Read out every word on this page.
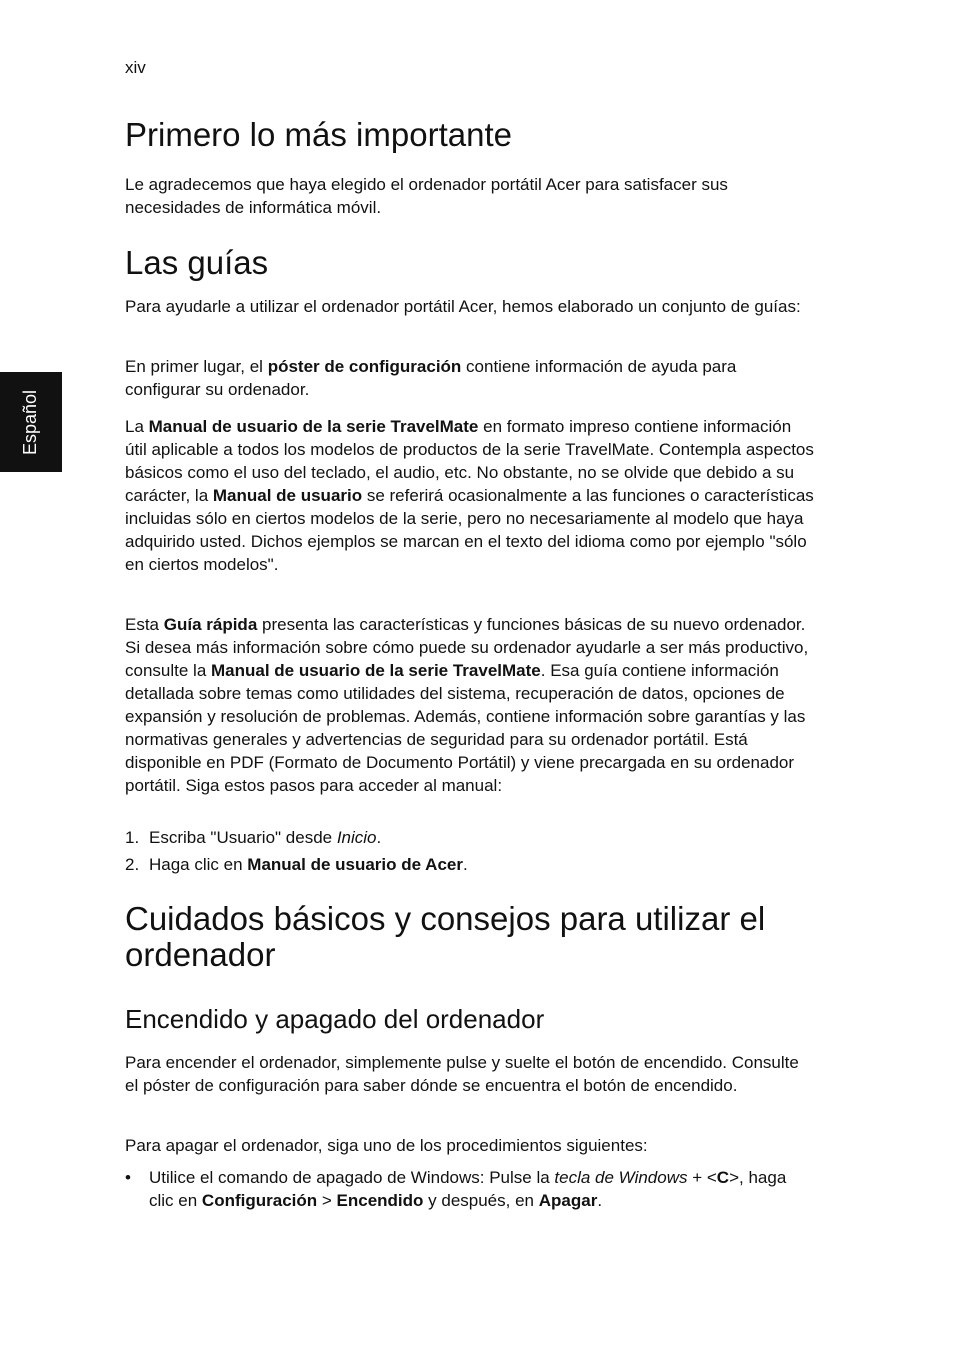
xiv
Español
Primero lo más importante

Le agradecemos que haya elegido el ordenador portátil Acer para satisfacer sus necesidades de informática móvil.

Las guías

Para ayudarle a utilizar el ordenador portátil Acer, hemos elaborado un conjunto de guías:

En primer lugar, el póster de configuración contiene información de ayuda para configurar su ordenador.

La Manual de usuario de la serie TravelMate en formato impreso contiene información útil aplicable a todos los modelos de productos de la serie TravelMate. Contempla aspectos básicos como el uso del teclado, el audio, etc. No obstante, no se olvide que debido a su carácter, la Manual de usuario se referirá ocasionalmente a las funciones o características incluidas sólo en ciertos modelos de la serie, pero no necesariamente al modelo que haya adquirido usted. Dichos ejemplos se marcan en el texto del idioma como por ejemplo "sólo en ciertos modelos".

Esta Guía rápida presenta las características y funciones básicas de su nuevo ordenador. Si desea más información sobre cómo puede su ordenador ayudarle a ser más productivo, consulte la Manual de usuario de la serie TravelMate. Esa guía contiene información detallada sobre temas como utilidades del sistema, recuperación de datos, opciones de expansión y resolución de problemas. Además, contiene información sobre garantías y las normativas generales y advertencias de seguridad para su ordenador portátil. Está disponible en PDF (Formato de Documento Portátil) y viene precargada en su ordenador portátil. Siga estos pasos para acceder al manual:

1. Escriba "Usuario" desde Inicio.
2. Haga clic en Manual de usuario de Acer.
Cuidados básicos y consejos para utilizar el ordenador
Encendido y apagado del ordenador

Para encender el ordenador, simplemente pulse y suelte el botón de encendido. Consulte el póster de configuración para saber dónde se encuentra el botón de encendido.

Para apagar el ordenador, siga uno de los procedimientos siguientes:

• Utilice el comando de apagado de Windows: Pulse la tecla de Windows + <C>, haga clic en Configuración > Encendido y después, en Apagar.
